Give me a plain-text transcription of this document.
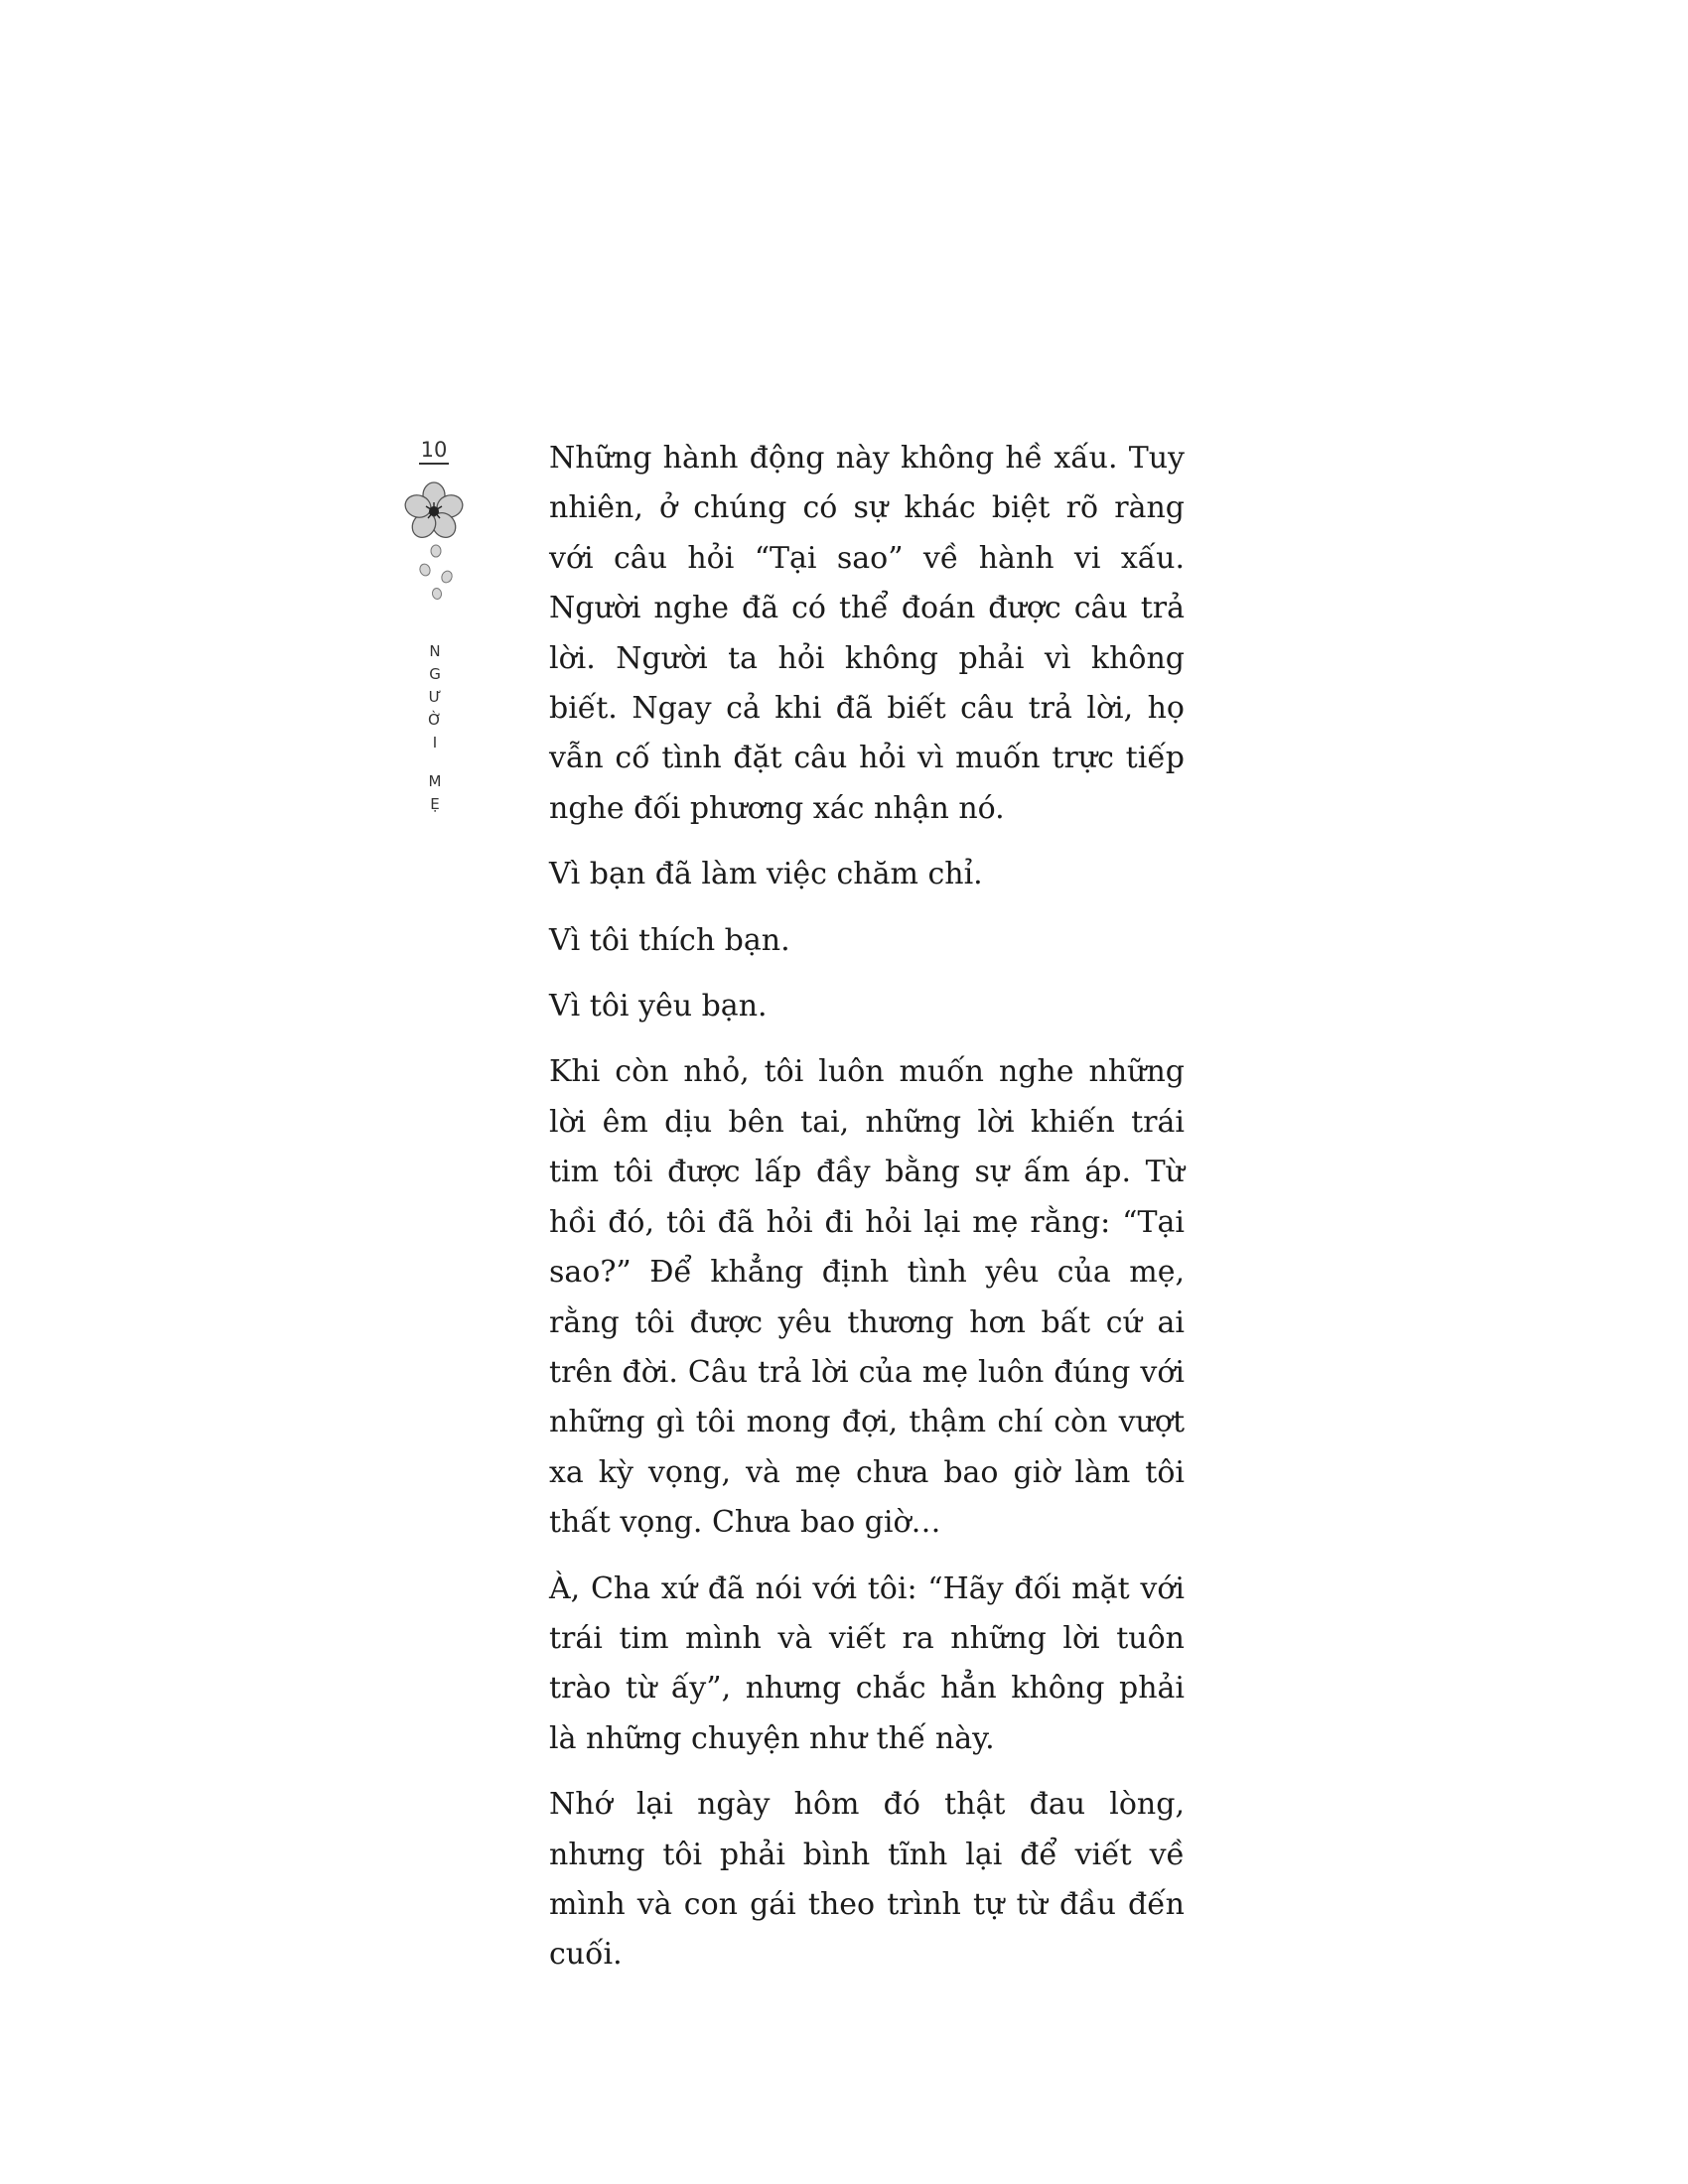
10
N
G
Ư
Ờ
I
M
Ẹ

Những hành động này không hề xấu. Tuy nhiên, ở chúng có sự khác biệt rõ ràng với câu hỏi “Tại sao” về hành vi xấu. Người nghe đã có thể đoán được câu trả lời. Người ta hỏi không phải vì không biết. Ngay cả khi đã biết câu trả lời, họ vẫn cố tình đặt câu hỏi vì muốn trực tiếp nghe đối phương xác nhận nó.

Vì bạn đã làm việc chăm chỉ.

Vì tôi thích bạn.

Vì tôi yêu bạn.

Khi còn nhỏ, tôi luôn muốn nghe những lời êm dịu bên tai, những lời khiến trái tim tôi được lấp đầy bằng sự ấm áp. Từ hồi đó, tôi đã hỏi đi hỏi lại mẹ rằng: “Tại sao?” Để khẳng định tình yêu của mẹ, rằng tôi được yêu thương hơn bất cứ ai trên đời. Câu trả lời của mẹ luôn đúng với những gì tôi mong đợi, thậm chí còn vượt xa kỳ vọng, và mẹ chưa bao giờ làm tôi thất vọng. Chưa bao giờ…

À, Cha xứ đã nói với tôi: “Hãy đối mặt với trái tim mình và viết ra những lời tuôn trào từ ấy”, nhưng chắc hẳn không phải là những chuyện như thế này.

Nhớ lại ngày hôm đó thật đau lòng, nhưng tôi phải bình tĩnh lại để viết về mình và con gái theo trình tự từ đầu đến cuối.
